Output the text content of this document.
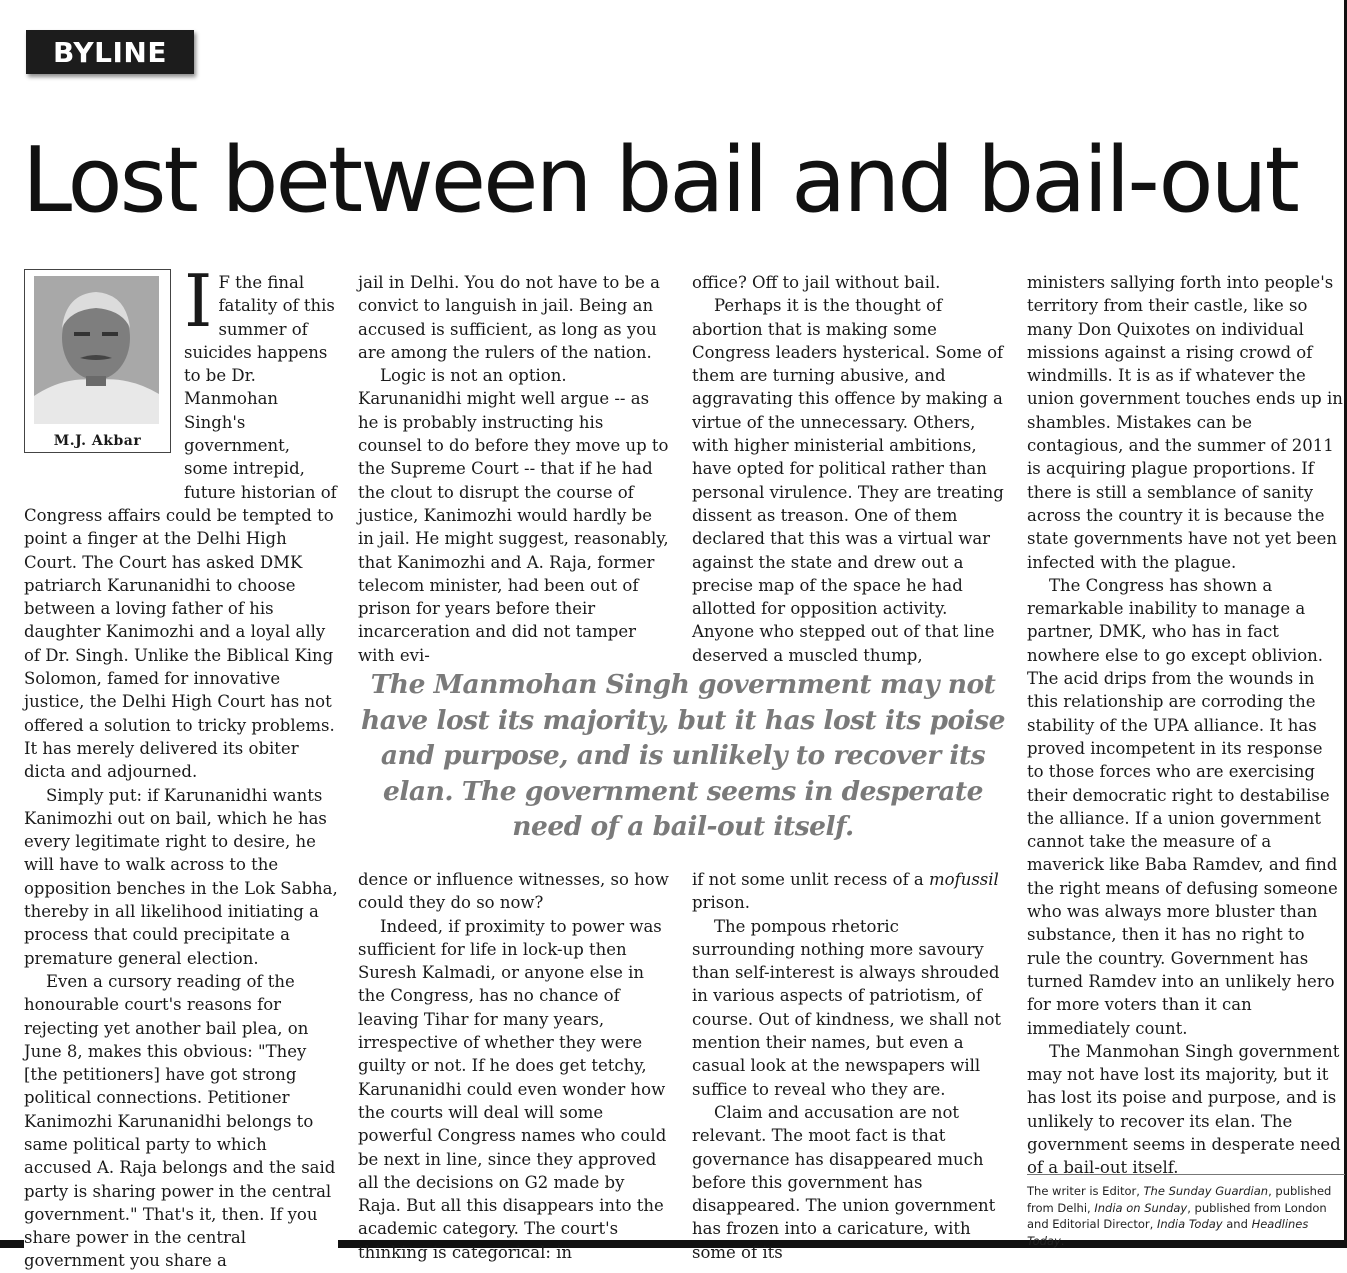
BYLINE
Lost between bail and bail-out

I F the final fatality of this summer of suicides happens to be Dr. Manmohan Singh's government, some intrepid, future historian of Congress affairs could be tempted to point a finger at the Delhi High Court. The Court has asked DMK patriarch Karunanidhi to choose between a loving father of his daughter Kanimozhi and a loyal ally of Dr. Singh. Unlike the Biblical King Solomon, famed for innovative justice, the Delhi High Court has not offered a solution to tricky problems. It has merely delivered its obiter dicta and adjourned.

Simply put: if Karunanidhi wants Kanimozhi out on bail, which he has every legitimate right to desire, he will have to walk across to the opposition benches in the Lok Sabha, thereby in all likelihood initiating a process that could precipitate a premature general election.

Even a cursory reading of the honourable court's reasons for rejecting yet another bail plea, on June 8, makes this obvious: "They [the petitioners] have got strong political connections. Petitioner Kanimozhi Karunanidhi belongs to same political party to which accused A. Raja belongs and the said party is sharing power in the central government." That's it, then. If you share power in the central government you share a

jail in Delhi. You do not have to be a convict to languish in jail. Being an accused is sufficient, as long as you are among the rulers of the nation.

Logic is not an option. Karunanidhi might well argue -- as he is probably instructing his counsel to do before they move up to the Supreme Court -- that if he had the clout to disrupt the course of justice, Kanimozhi would hardly be in jail. He might suggest, reasonably, that Kanimozhi and A. Raja, former telecom minister, had been out of prison for years before their incarceration and did not tamper with evi-

office? Off to jail without bail.

Perhaps it is the thought of abortion that is making some Congress leaders hysterical. Some of them are turning abusive, and aggravating this offence by making a virtue of the unnecessary. Others, with higher ministerial ambitions, have opted for political rather than personal virulence. They are treating dissent as treason. One of them declared that this was a virtual war against the state and drew out a precise map of the space he had allotted for opposition activity. Anyone who stepped out of that line deserved a muscled thump,

The Manmohan Singh government may not have lost its majority, but it has lost its poise and purpose, and is unlikely to recover its elan. The government seems in desperate need of a bail-out itself.

dence or influence witnesses, so how could they do so now?

Indeed, if proximity to power was sufficient for life in lock-up then Suresh Kalmadi, or anyone else in the Congress, has no chance of leaving Tihar for many years, irrespective of whether they were guilty or not. If he does get tetchy, Karunanidhi could even wonder how the courts will deal will some powerful Congress names who could be next in line, since they approved all the decisions on G2 made by Raja. But all this disappears into the academic category. The court's thinking is categorical: in

if not some unlit recess of a mofussil prison.

The pompous rhetoric surrounding nothing more savoury than self-interest is always shrouded in various aspects of patriotism, of course. Out of kindness, we shall not mention their names, but even a casual look at the newspapers will suffice to reveal who they are.

Claim and accusation are not relevant. The moot fact is that governance has disappeared much before this government has disappeared. The union government has frozen into a caricature, with some of its

ministers sallying forth into people's territory from their castle, like so many Don Quixotes on individual missions against a rising crowd of windmills. It is as if whatever the union government touches ends up in shambles. Mistakes can be contagious, and the summer of 2011 is acquiring plague proportions. If there is still a semblance of sanity across the country it is because the state governments have not yet been infected with the plague.

The Congress has shown a remarkable inability to manage a partner, DMK, who has in fact nowhere else to go except oblivion. The acid drips from the wounds in this relationship are corroding the stability of the UPA alliance. It has proved incompetent in its response to those forces who are exercising their democratic right to destabilise the alliance. If a union government cannot take the measure of a maverick like Baba Ramdev, and find the right means of defusing someone who was always more bluster than substance, then it has no right to rule the country. Government has turned Ramdev into an unlikely hero for more voters than it can immediately count.

The Manmohan Singh government may not have lost its majority, but it has lost its poise and purpose, and is unlikely to recover its elan. The government seems in desperate need of a bail-out itself.

The writer is Editor, The Sunday Guardian, published from Delhi, India on Sunday, published from London and Editorial Director, India Today and Headlines Today.
M.J. Akbar
